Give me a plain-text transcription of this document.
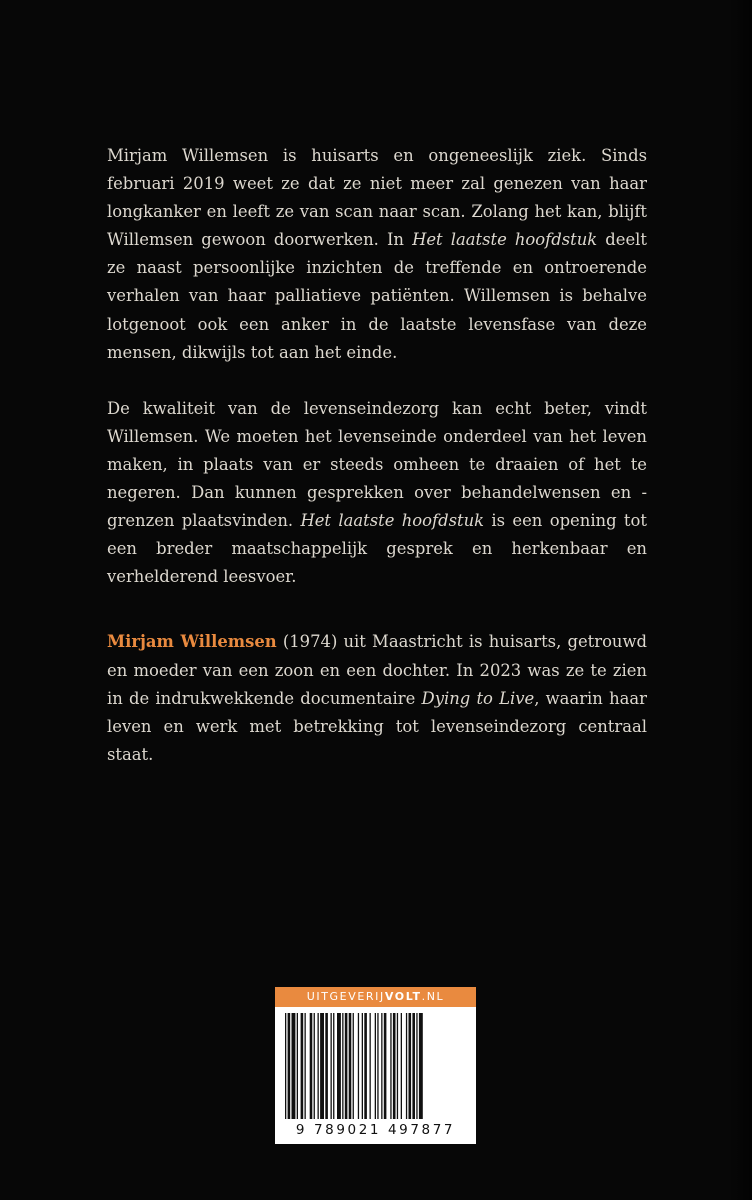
Mirjam Willemsen is huisarts en ongeneeslijk ziek. Sinds februari 2019 weet ze dat ze niet meer zal genezen van haar longkanker en leeft ze van scan naar scan. Zolang het kan, blijft Willemsen gewoon doorwerken. In Het laatste hoofdstuk deelt ze naast persoonlijke inzichten de treffende en ontroerende verhalen van haar palliatieve patiënten. Willemsen is behalve lotgenoot ook een anker in de laatste levensfase van deze mensen, dikwijls tot aan het einde.

De kwaliteit van de levenseindezorg kan echt beter, vindt Willemsen. We moeten het levenseinde onderdeel van het leven maken, in plaats van er steeds omheen te draaien of het te negeren. Dan kunnen gesprekken over behandelwensen en -grenzen plaatsvinden. Het laatste hoofdstuk is een opening tot een breder maatschappelijk gesprek en herkenbaar en verhelderend leesvoer.

Mirjam Willemsen (1974) uit Maastricht is huisarts, getrouwd en moeder van een zoon en een dochter. In 2023 was ze te zien in de indrukwekkende documentaire Dying to Live, waarin haar leven en werk met betrekking tot levenseindezorg centraal staat.

UITGEVERIJVOLT.NL
9 789021 497877
